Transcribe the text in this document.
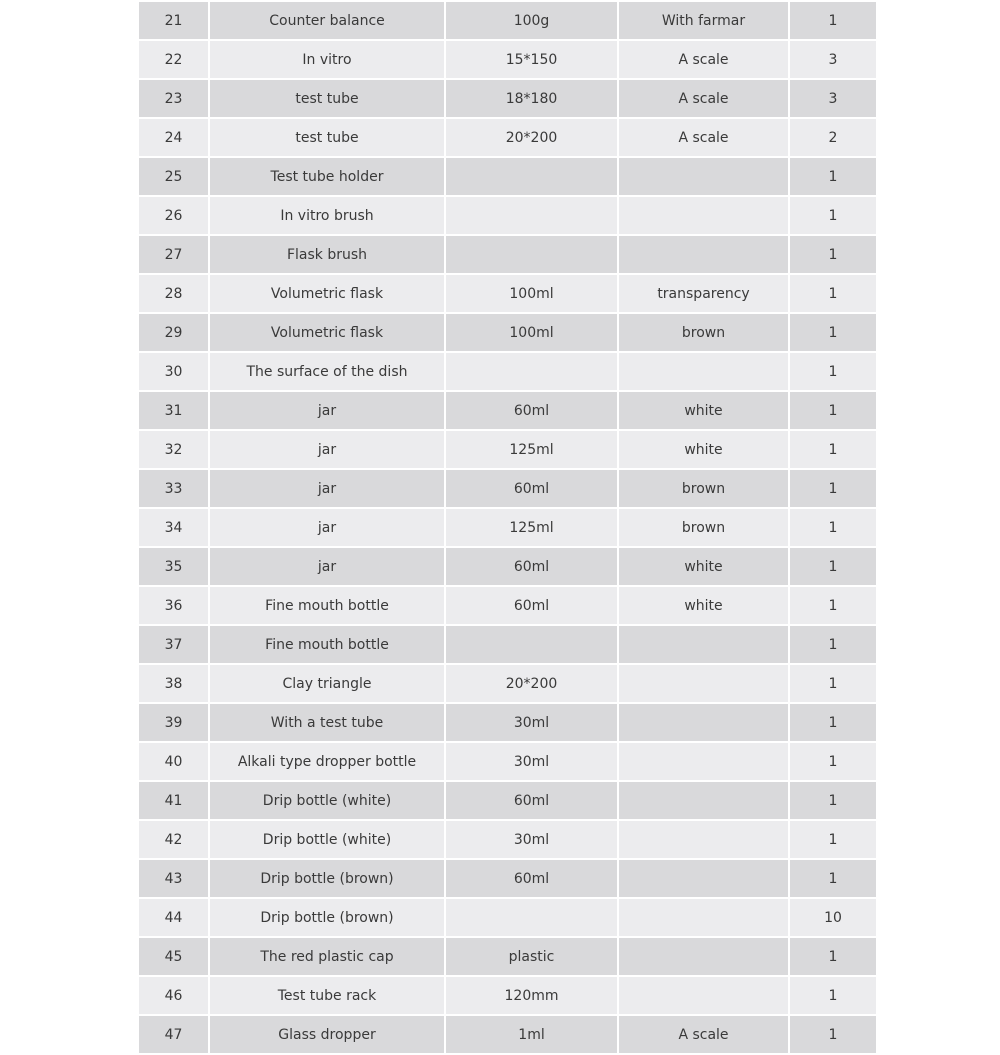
21	Counter balance	100g	With farmar	1
22	In vitro	15*150	A scale	3
23	test tube	18*180	A scale	3
24	test tube	20*200	A scale	2
25	Test tube holder			1
26	In vitro brush			1
27	Flask brush			1
28	Volumetric flask	100ml	transparency	1
29	Volumetric flask	100ml	brown	1
30	The surface of the dish			1
31	jar	60ml	white	1
32	jar	125ml	white	1
33	jar	60ml	brown	1
34	jar	125ml	brown	1
35	jar	60ml	white	1
36	Fine mouth bottle	60ml	white	1
37	Fine mouth bottle			1
38	Clay triangle	20*200		1
39	With a test tube	30ml		1
40	Alkali type dropper bottle	30ml		1
41	Drip bottle (white)	60ml		1
42	Drip bottle (white)	30ml		1
43	Drip bottle (brown)	60ml		1
44	Drip bottle (brown)			10
45	The red plastic cap	plastic		1
46	Test tube rack	120mm		1
47	Glass dropper	1ml	A scale	1
